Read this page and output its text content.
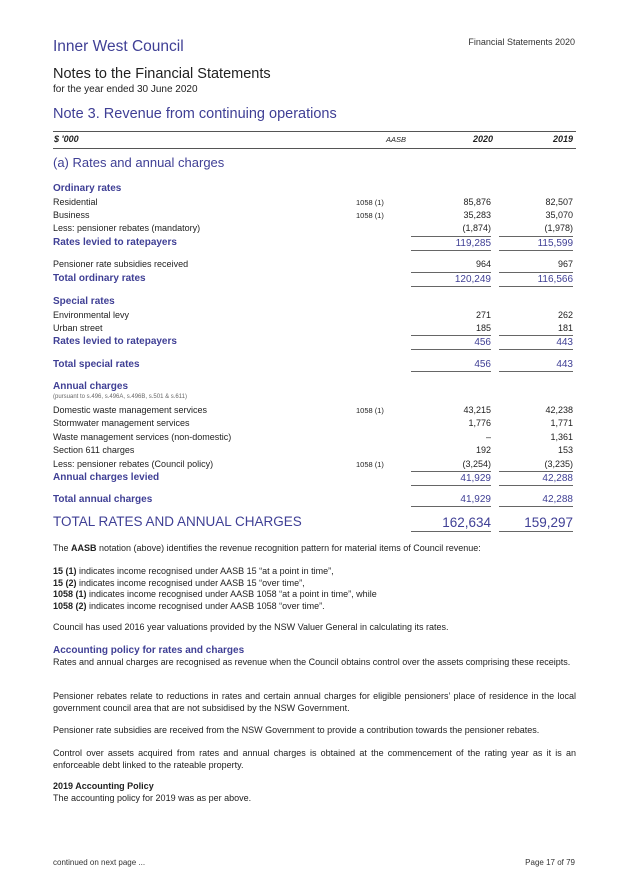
Inner West Council	Financial Statements 2020
Notes to the Financial Statements
for the year ended 30 June 2020
Note 3. Revenue from continuing operations
$ '000	AASB	2020	2019
(a) Rates and annual charges
Ordinary rates
Residential	1058 (1)	85,876	82,507
Business	1058 (1)	35,283	35,070
Less: pensioner rebates (mandatory)	(1,874)	(1,978)
Rates levied to ratepayers	119,285	115,599
Pensioner rate subsidies received	964	967
Total ordinary rates	120,249	116,566
Special rates
Environmental levy	271	262
Urban street	185	181
Rates levied to ratepayers	456	443
Total special rates	456	443
Annual charges
(pursuant to s.496, s.496A, s.496B, s.501 & s.611)
Domestic waste management services	1058 (1)	43,215	42,238
Stormwater management services	1,776	1,771
Waste management services (non-domestic)	–	1,361
Section 611 charges	192	153
Less: pensioner rebates (Council policy)	1058 (1)	(3,254)	(3,235)
Annual charges levied	41,929	42,288
Total annual charges	41,929	42,288
TOTAL RATES AND ANNUAL CHARGES	162,634	159,297
The AASB notation (above) identifies the revenue recognition pattern for material items of Council revenue:
15 (1) indicates income recognised under AASB 15 “at a point in time”,
15 (2) indicates income recognised under AASB 15 “over time”,
1058 (1) indicates income recognised under AASB 1058 “at a point in time”, while
1058 (2) indicates income recognised under AASB 1058 “over time”.
Council has used 2016 year valuations provided by the NSW Valuer General in calculating its rates.
Accounting policy for rates and charges
Rates and annual charges are recognised as revenue when the Council obtains control over the assets comprising these receipts.
Pensioner rebates relate to reductions in rates and certain annual charges for eligible pensioners’ place of residence in the local government council area that are not subsidised by the NSW Government.
Pensioner rate subsidies are received from the NSW Government to provide a contribution towards the pensioner rebates.
Control over assets acquired from rates and annual charges is obtained at the commencement of the rating year as it is an enforceable debt linked to the rateable property.
2019 Accounting Policy
The accounting policy for 2019 was as per above.
continued on next page ...	Page 17 of 79
